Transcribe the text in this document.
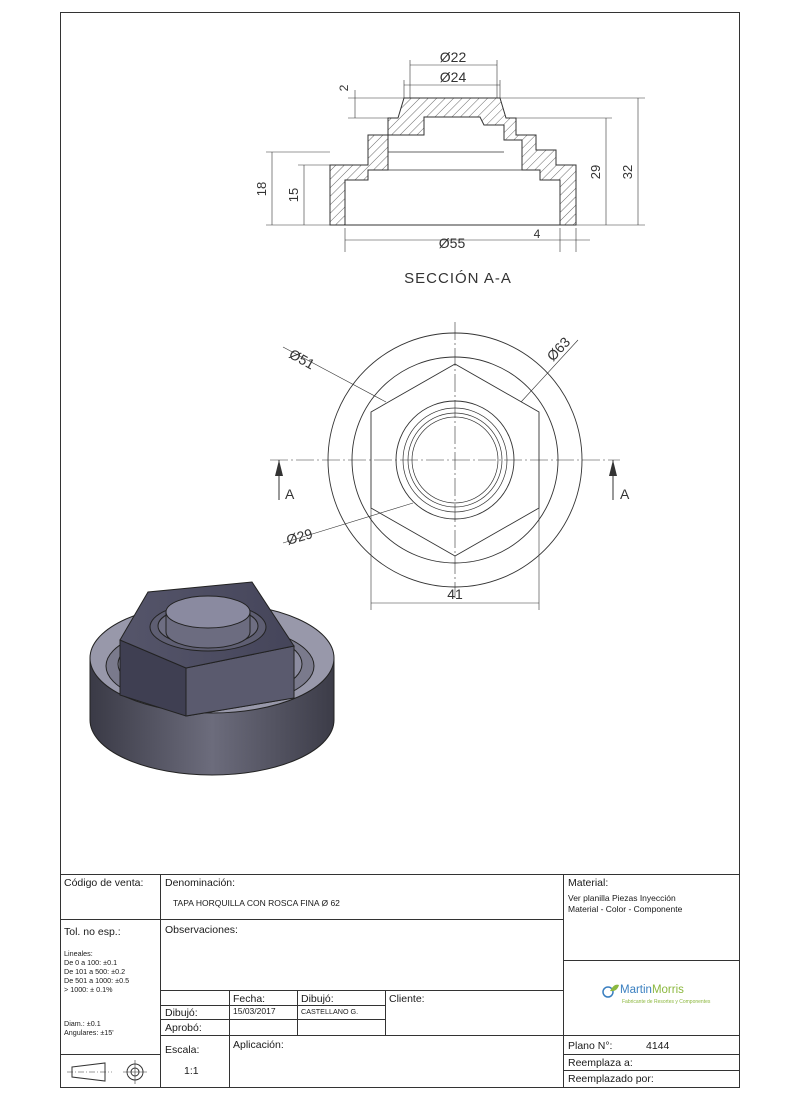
Ø22
Ø24
2
Ø55
4
18 15
29 32
SECCIÓN A-A
Ø51	Ø63
Ø29
41
A	A
Código de venta: Denominación:
TAPA HORQUILLA CON ROSCA FINA Ø 62
Material:
Ver planilla Piezas Inyección
Material - Color - Componente
Tol. no esp.:
Lineales:
De 0 a 100: ±0.1
De 101 a 500: ±0.2
De 501 a 1000: ±0.5
> 1000: ± 0.1%
Diam.: ±0.1
Angulares: ±15'
Observaciones:
Fecha:	Dibujó:	Cliente:
Dibujó:	15/03/2017	CASTELLANO G.
Aprobó:
Escala:
1:1
Aplicación:	Plano N°:	4144
Reemplaza a:
Reemplazado por:
MartinMorris
Fabricante de Resortes y Componentes
